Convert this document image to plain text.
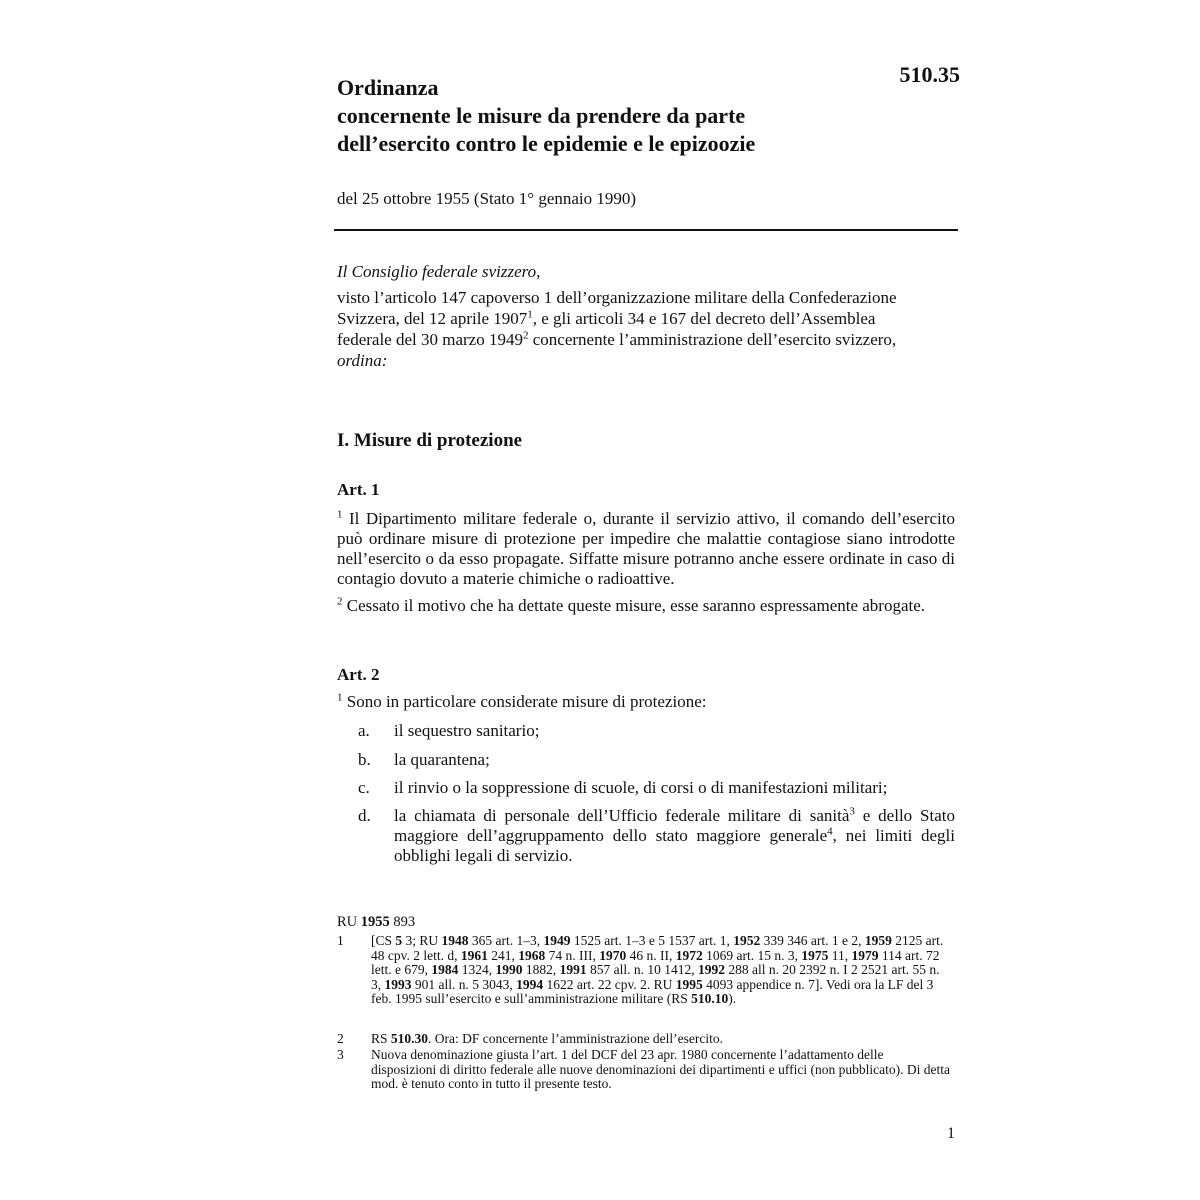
Ordinanza
concernente le misure da prendere da parte
dell’esercito contro le epidemie e le epizoozie
510.35
del 25 ottobre 1955 (Stato 1° gennaio 1990)
Il Consiglio federale svizzero,
visto l’articolo 147 capoverso 1 dell’organizzazione militare della Confederazione
Svizzera, del 12 aprile 1907$^1$, e gli articoli 34 e 167 del decreto dell’Assemblea
federale del 30 marzo 1949$^2$ concernente l’amministrazione dell’esercito svizzero,
ordina:
I. Misure di protezione
Art. 1
$^1$ Il Dipartimento militare federale o, durante il servizio attivo, il comando dell’esercito può ordinare misure di protezione per impedire che malattie contagiose siano introdotte nell’esercito o da esso propagate. Siffatte misure potranno anche essere ordinate in caso di contagio dovuto a materie chimiche o radioattive.
$^2$ Cessato il motivo che ha dettate queste misure, esse saranno espressamente abrogate.
Art. 2
$^1$ Sono in particolare considerate misure di protezione:
a.	il sequestro sanitario;
b.	la quarantena;
c.	il rinvio o la soppressione di scuole, di corsi o di manifestazioni militari;
d.	la chiamata di personale dell’Ufficio federale militare di sanità$^3$ e dello Stato maggiore dell’aggruppamento dello stato maggiore generale$^4$, nei limiti degli obblighi legali di servizio.
RU 1955 893
1	[CS 5 3; RU 1948 365 art. 1–3, 1949 1525 art. 1–3 e 5 1537 art. 1, 1952 339 346 art. 1 e 2, 1959 2125 art. 48 cpv. 2 lett. d, 1961 241, 1968 74 n. III, 1970 46 n. II, 1972 1069 art. 15 n. 3, 1975 11, 1979 114 art. 72 lett. e 679, 1984 1324, 1990 1882, 1991 857 all. n. 10 1412, 1992 288 all n. 20 2392 n. I 2 2521 art. 55 n. 3, 1993 901 all. n. 5 3043, 1994 1622 art. 22 cpv. 2. RU 1995 4093 appendice n. 7]. Vedi ora la LF del 3 feb. 1995 sull’esercito e sull’amministrazione militare (RS 510.10).
2	RS 510.30. Ora: DF concernente l’amministrazione dell’esercito.
3	Nuova denominazione giusta l’art. 1 del DCF del 23 apr. 1980 concernente l’adattamento delle disposizioni di diritto federale alle nuove denominazioni dei dipartimenti e uffici (non pubblicato). Di detta mod. è tenuto conto in tutto il presente testo.
1
